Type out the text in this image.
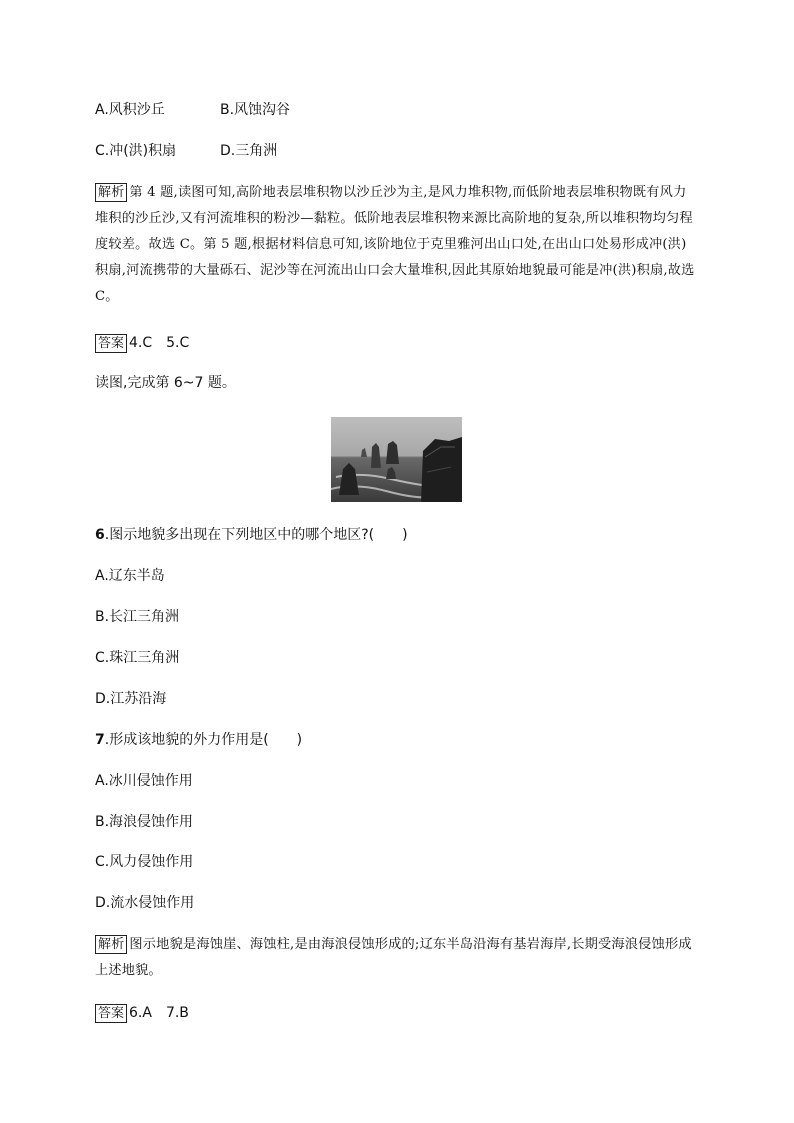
A.风积沙丘	B.风蚀沟谷
C.冲(洪)积扇	D.三角洲
解析 第 4 题,读图可知,高阶地表层堆积物以沙丘沙为主,是风力堆积物,而低阶地表层堆积物既有风力堆积的沙丘沙,又有河流堆积的粉沙—黏粒。低阶地表层堆积物来源比高阶地的复杂,所以堆积物均匀程度较差。故选 C。第 5 题,根据材料信息可知,该阶地位于克里雅河出山口处,在出山口处易形成冲(洪)积扇,河流携带的大量砾石、泥沙等在河流出山口会大量堆积,因此其原始地貌最可能是冲(洪)积扇,故选 C。
答案 4.C　5.C
读图,完成第 6~7 题。
6.图示地貌多出现在下列地区中的哪个地区?(　　)
A.辽东半岛
B.长江三角洲
C.珠江三角洲
D.江苏沿海
7.形成该地貌的外力作用是(　　)
A.冰川侵蚀作用
B.海浪侵蚀作用
C.风力侵蚀作用
D.流水侵蚀作用
解析 图示地貌是海蚀崖、海蚀柱,是由海浪侵蚀形成的;辽东半岛沿海有基岩海岸,长期受海浪侵蚀形成上述地貌。
答案 6.A　7.B
